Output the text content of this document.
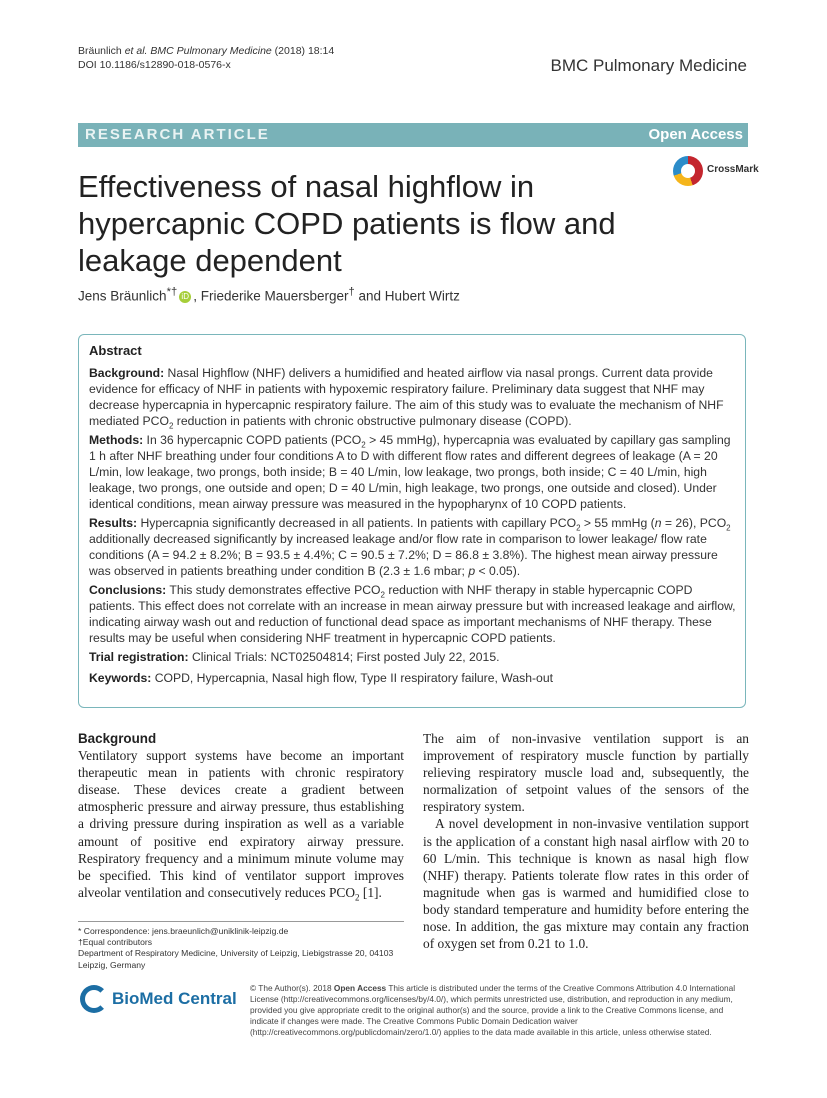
Bräunlich et al. BMC Pulmonary Medicine (2018) 18:14
DOI 10.1186/s12890-018-0576-x	BMC Pulmonary Medicine
RESEARCH ARTICLE	Open Access
Effectiveness of nasal highflow in hypercapnic COPD patients is flow and leakage dependent
CrossMark
Jens Bräunlich*† iD , Friederike Mauersberger† and Hubert Wirtz
Abstract

Background: Nasal Highflow (NHF) delivers a humidified and heated airflow via nasal prongs. Current data provide evidence for efficacy of NHF in patients with hypoxemic respiratory failure. Preliminary data suggest that NHF may decrease hypercapnia in hypercapnic respiratory failure. The aim of this study was to evaluate the mechanism of NHF mediated $PCO_2$ reduction in patients with chronic obstructive pulmonary disease (COPD).

Methods: In 36 hypercapnic COPD patients ($PCO_2 > 45$ mmHg), hypercapnia was evaluated by capillary gas sampling 1 h after NHF breathing under four conditions A to D with different flow rates and different degrees of leakage (A = 20 L/min, low leakage, two prongs, both inside; B = 40 L/min, low leakage, two prongs, both inside; C = 40 L/min, high leakage, two prongs, one outside and open; D = 40 L/min, high leakage, two prongs, one outside and closed). Under identical conditions, mean airway pressure was measured in the hypopharynx of 10 COPD patients.

Results: Hypercapnia significantly decreased in all patients. In patients with capillary $PCO_2 > 55$ mmHg (n = 26), $PCO_2$ additionally decreased significantly by increased leakage and/or flow rate in comparison to lower leakage/ flow rate conditions (A = 94.2 ± 8.2%; B = 93.5 ± 4.4%; C = 90.5 ± 7.2%; D = 86.8 ± 3.8%). The highest mean airway pressure was observed in patients breathing under condition B (2.3 ± 1.6 mbar; p < 0.05).

Conclusions: This study demonstrates effective $PCO_2$ reduction with NHF therapy in stable hypercapnic COPD patients. This effect does not correlate with an increase in mean airway pressure but with increased leakage and airflow, indicating airway wash out and reduction of functional dead space as important mechanisms of NHF therapy. These results may be useful when considering NHF treatment in hypercapnic COPD patients.

Trial registration: Clinical Trials: NCT02504814; First posted July 22, 2015.

Keywords: COPD, Hypercapnia, Nasal high flow, Type II respiratory failure, Wash-out

Background

Ventilatory support systems have become an important therapeutic mean in patients with chronic respiratory disease. These devices create a gradient between atmospheric pressure and airway pressure, thus establishing a driving pressure during inspiration as well as a variable amount of positive end expiratory airway pressure. Respiratory frequency and a minimum minute volume may be specified. This kind of ventilator support improves alveolar ventilation and consecutively reduces $PCO_2$ [1].

The aim of non-invasive ventilation support is an improvement of respiratory muscle function by partially relieving respiratory muscle load and, subsequently, the normalization of setpoint values of the sensors of the respiratory system.

A novel development in non-invasive ventilation support is the application of a constant high nasal airflow with 20 to 60 L/min. This technique is known as nasal high flow (NHF) therapy. Patients tolerate flow rates in this order of magnitude when gas is warmed and humidified close to body standard temperature and humidity before entering the nose. In addition, the gas mixture may contain any fraction of oxygen set from 0.21 to 1.0.

* Correspondence: jens.braeunlich@uniklinik-leipzig.de

†Equal contributors

Department of Respiratory Medicine, University of Leipzig, Liebigstrasse 20, 04103 Leipzig, Germany

BioMed Central
© The Author(s). 2018 Open Access This article is distributed under the terms of the Creative Commons Attribution 4.0 International License (http://creativecommons.org/licenses/by/4.0/), which permits unrestricted use, distribution, and reproduction in any medium, provided you give appropriate credit to the original author(s) and the source, provide a link to the Creative Commons license, and indicate if changes were made. The Creative Commons Public Domain Dedication waiver (http://creativecommons.org/publicdomain/zero/1.0/) applies to the data made available in this article, unless otherwise stated.
